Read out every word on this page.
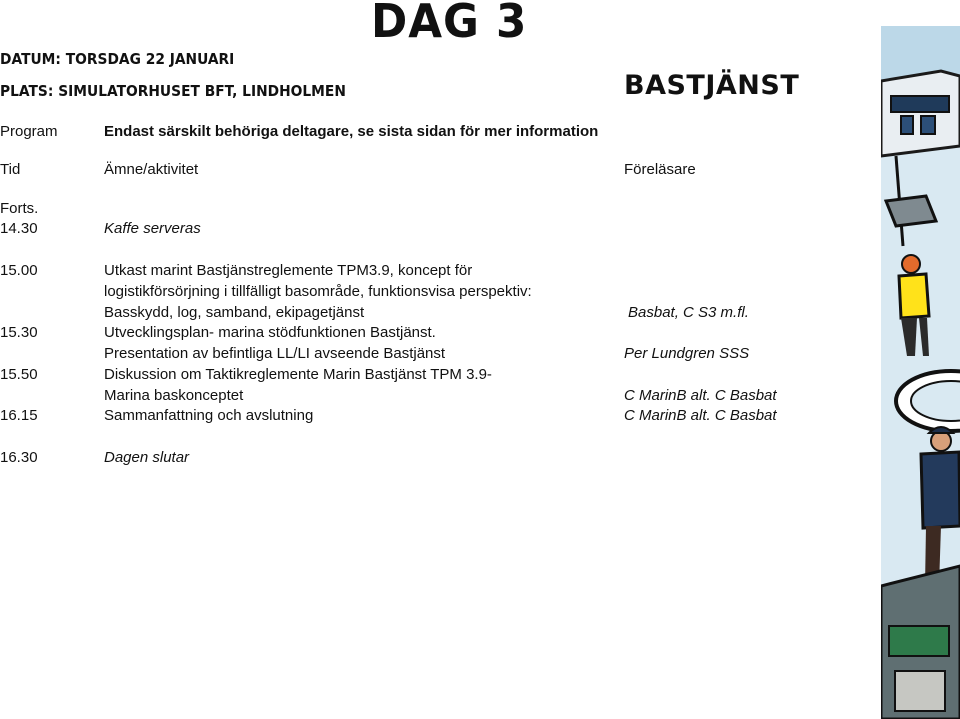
DAG 3
DATUM: TORSDAG 22 JANUARI
PLATS: SIMULATORHUSET BFT, LINDHOLMEN	BASTJÄNST
Program	Endast särskilt behöriga deltagare, se sista sidan för mer information
Tid	Ämne/aktivitet	Föreläsare
Forts.
14.30	Kaffe serveras
15.00	Utkast marint Bastjänstreglemente TPM3.9, koncept för
logistikförsörjning i tillfälligt basområde, funktionsvisa perspektiv:
Basskydd, log, samband, ekipagetjänst	Basbat, C S3 m.fl.
15.30	Utvecklingsplan- marina stödfunktionen Bastjänst.
Presentation av befintliga LL/LI avseende Bastjänst	Per Lundgren SSS
15.50	Diskussion om Taktikreglemente Marin Bastjänst TPM 3.9-
Marina baskonceptet	C MarinB alt. C Basbat
16.15	Sammanfattning och avslutning	C MarinB alt. C Basbat
16.30	Dagen slutar
